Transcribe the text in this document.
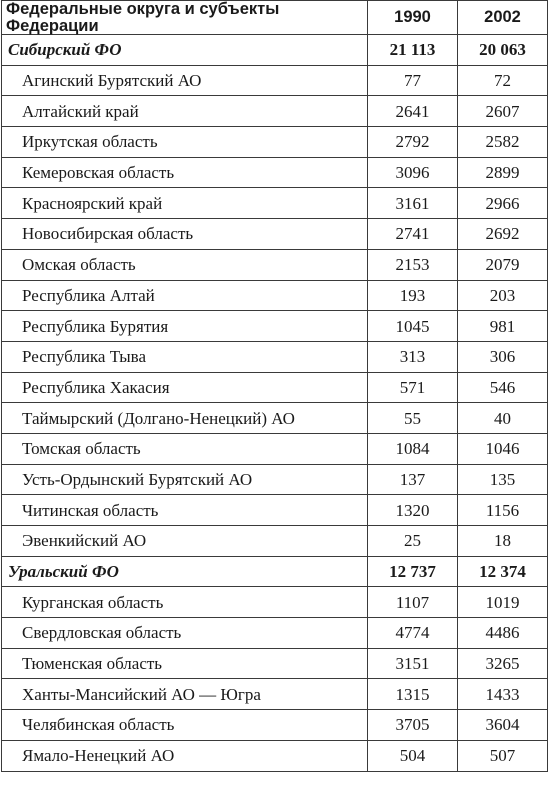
Федеральные округа и субъекты Федерации	1990	2002
Сибирский ФО	21 113	20 063
Агинский Бурятский АО	77	72
Алтайский край	2641	2607
Иркутская область	2792	2582
Кемеровская область	3096	2899
Красноярский край	3161	2966
Новосибирская область	2741	2692
Омская область	2153	2079
Республика Алтай	193	203
Республика Бурятия	1045	981
Республика Тыва	313	306
Республика Хакасия	571	546
Таймырский (Долгано-Ненецкий) АО	55	40
Томская область	1084	1046
Усть-Ордынский Бурятский АО	137	135
Читинская область	1320	1156
Эвенкийский АО	25	18
Уральский ФО	12 737	12 374
Курганская область	1107	1019
Свердловская область	4774	4486
Тюменская область	3151	3265
Ханты-Мансийский АО — Югра	1315	1433
Челябинская область	3705	3604
Ямало-Ненецкий АО	504	507
